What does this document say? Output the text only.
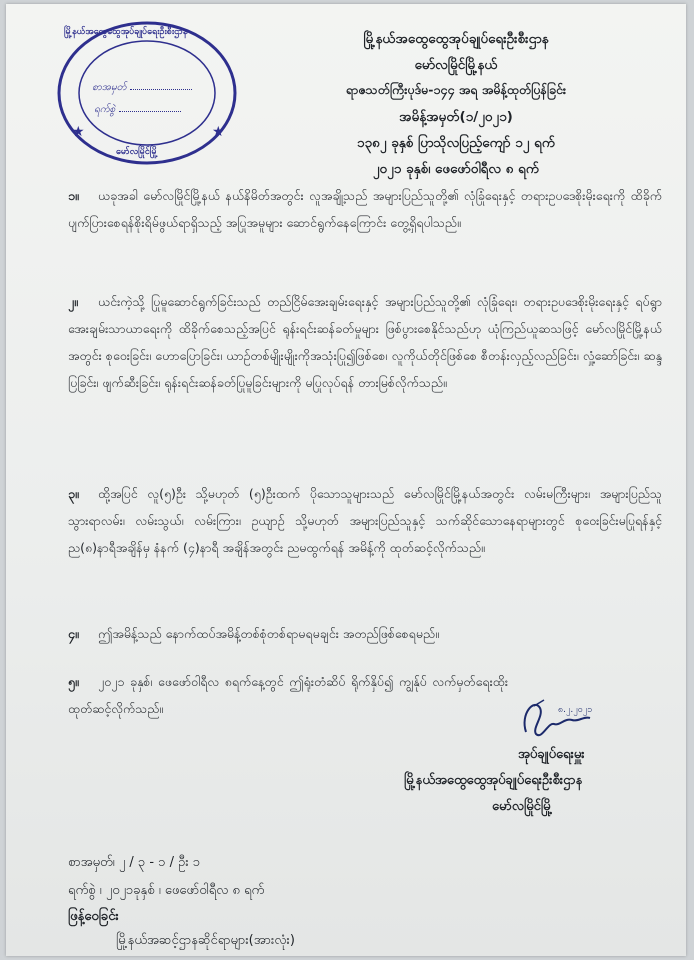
★	★
စာအမှတ်
ရက်စွဲ
မြို့နယ်အထွေထွေအုပ်ချုပ်ရေးဦးစီးဌာန
မော်လမြိုင်မြို့
မြို့နယ်အထွေထွေအုပ်ချုပ်ရေးဦးစီးဌာန
မော်လမြိုင်မြို့နယ်
ရာဇသတ်ကြီးပုဒ်မ-၁၄၄ အရ အမိန့်ထုတ်ပြန်ခြင်း
အမိန့်အမှတ်(၁/၂၀၂၁)
၁၃၈၂ ခုနှစ် ပြာသိုလပြည့်ကျော် ၁၂ ရက်
၂၀၂၁ ခုနှစ်၊ ဖေဖော်ဝါရီလ ၈ ရက်
၁။ ယခုအခါ မော်လမြိုင်မြို့နယ် နယ်နိမိတ်အတွင်း လူအချို့သည် အများပြည်သူတို့၏ လုံခြုံရေးနှင့် တရားဥပဒေစိုးမိုးရေးကို ထိခိုက်ပျက်ပြားစေရန်စိုးရိမ်ဖွယ်ရာရှိသည့် အပြုအမူများ ဆောင်ရွက်နေကြောင်း တွေ့ရှိရပါသည်။
၂။ ယင်းကဲ့သို့ ပြုမူဆောင်ရွက်ခြင်းသည် တည်ငြိမ်အေးချမ်းရေးနှင့် အများပြည်သူတို့၏ လုံခြုံရေး၊ တရားဥပဒေစိုးမိုးရေးနှင့် ရပ်ရွာအေးချမ်းသာယာရေးကို ထိခိုက်စေသည့်အပြင် ရုန်းရင်းဆန်ခတ်မှုများ ဖြစ်ပွားစေနိုင်သည်ဟု ယုံကြည်ယူဆသဖြင့် မော်လမြိုင်မြို့နယ်အတွင်း စုဝေးခြင်း၊ ဟောပြောခြင်း၊ ယာဉ်တစ်မျိုးမျိုးကိုအသုံးပြု၍ဖြစ်စေ၊ လူကိုယ်တိုင်ဖြစ်စေ စီတန်းလှည့်လည်ခြင်း၊ လှုံ့ဆော်ခြင်း၊ ဆန္ဒပြခြင်း၊ ဖျက်ဆီးခြင်း၊ ရုန်းရင်းဆန်ခတ်ပြုမူခြင်းများကို မပြုလုပ်ရန် တားမြစ်လိုက်သည်။
၃။ ထို့အပြင် လူ(၅)ဦး သို့မဟုတ် (၅)ဦးထက် ပိုသောသူများသည် မော်လမြိုင်မြို့နယ်အတွင်း လမ်းမကြီးများ၊ အများပြည်သူသွားရာလမ်း၊ လမ်းသွယ်၊ လမ်းကြား၊ ဥယျာဉ် သို့မဟုတ် အများပြည်သူနှင့် သက်ဆိုင်သောနေရာများတွင် စုဝေးခြင်းမပြုရန်နှင့် ည(၈)နာရီအချိန်မှ နံနက် (၄)နာရီ အချိန်အတွင်း ညမထွက်ရန် အမိန့်ကို ထုတ်ဆင့်လိုက်သည်။
၄။ ဤအမိန့်သည် နောက်ထပ်အမိန့်တစ်စုံတစ်ရာမရမချင်း အတည်ဖြစ်စေရမည်။
၅။ ၂၀၂၁ ခုနှစ်၊ ဖေဖော်ဝါရီလ ၈ရက်နေ့တွင် ဤရုံးတံဆိပ် ရိုက်နှိပ်၍ ကျွန်ုပ် လက်မှတ်ရေးထိုး ထုတ်ဆင့်လိုက်သည်။	၈.၂.၂၀၂၁
အုပ်ချုပ်ရေးမှူး
မြို့နယ်အထွေထွေအုပ်ချုပ်ရေးဦးစီးဌာန
မော်လမြိုင်မြို့
စာအမှတ်၊ ၂ / ၃ - ၁ / ဦး ၁
ရက်စွဲ ၊ ၂၀၂၁ခုနှစ် ၊ ဖေဖော်ဝါရီလ ၈ ရက်
ဖြန့်ဝေခြင်း
မြို့နယ်အဆင့်ဌာနဆိုင်ရာများ(အားလုံး)
